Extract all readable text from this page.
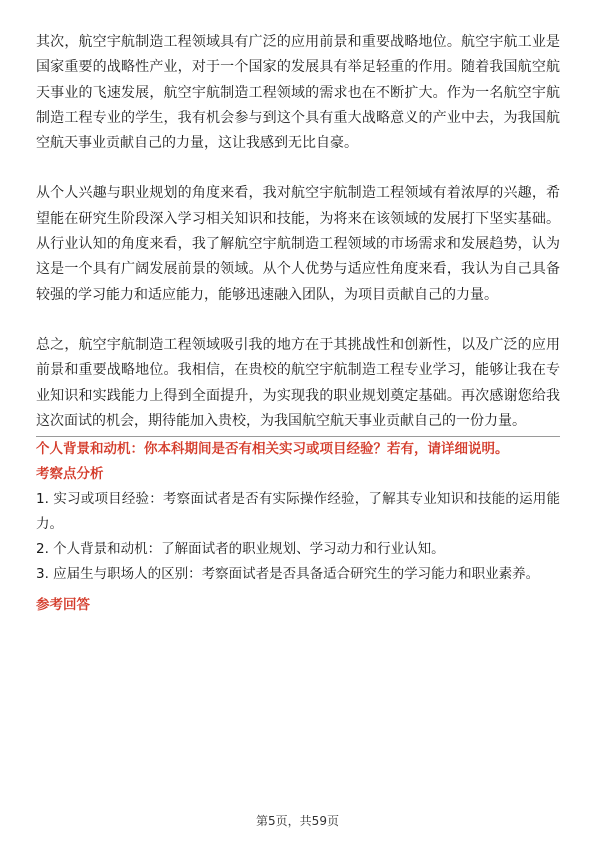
其次，航空宇航制造工程领域具有广泛的应用前景和重要战略地位。航空宇航工业是国家重要的战略性产业，对于一个国家的发展具有举足轻重的作用。随着我国航空航天事业的飞速发展，航空宇航制造工程领域的需求也在不断扩大。作为一名航空宇航制造工程专业的学生，我有机会参与到这个具有重大战略意义的产业中去，为我国航空航天事业贡献自己的力量，这让我感到无比自豪。

从个人兴趣与职业规划的角度来看，我对航空宇航制造工程领域有着浓厚的兴趣，希望能在研究生阶段深入学习相关知识和技能，为将来在该领域的发展打下坚实基础。从行业认知的角度来看，我了解航空宇航制造工程领域的市场需求和发展趋势，认为这是一个具有广阔发展前景的领域。从个人优势与适应性角度来看，我认为自己具备较强的学习能力和适应能力，能够迅速融入团队，为项目贡献自己的力量。

总之，航空宇航制造工程领域吸引我的地方在于其挑战性和创新性，以及广泛的应用前景和重要战略地位。我相信，在贵校的航空宇航制造工程专业学习，能够让我在专业知识和实践能力上得到全面提升，为实现我的职业规划奠定基础。再次感谢您给我这次面试的机会，期待能加入贵校，为我国航空航天事业贡献自己的一份力量。

个人背景和动机：你本科期间是否有相关实习或项目经验？若有，请详细说明。

考察点分析

1. 实习或项目经验：考察面试者是否有实际操作经验，了解其专业知识和技能的运用能力。

2. 个人背景和动机：了解面试者的职业规划、学习动力和行业认知。

3. 应届生与职场人的区别：考察面试者是否具备适合研究生的学习能力和职业素养。

参考回答

第5页，共59页
